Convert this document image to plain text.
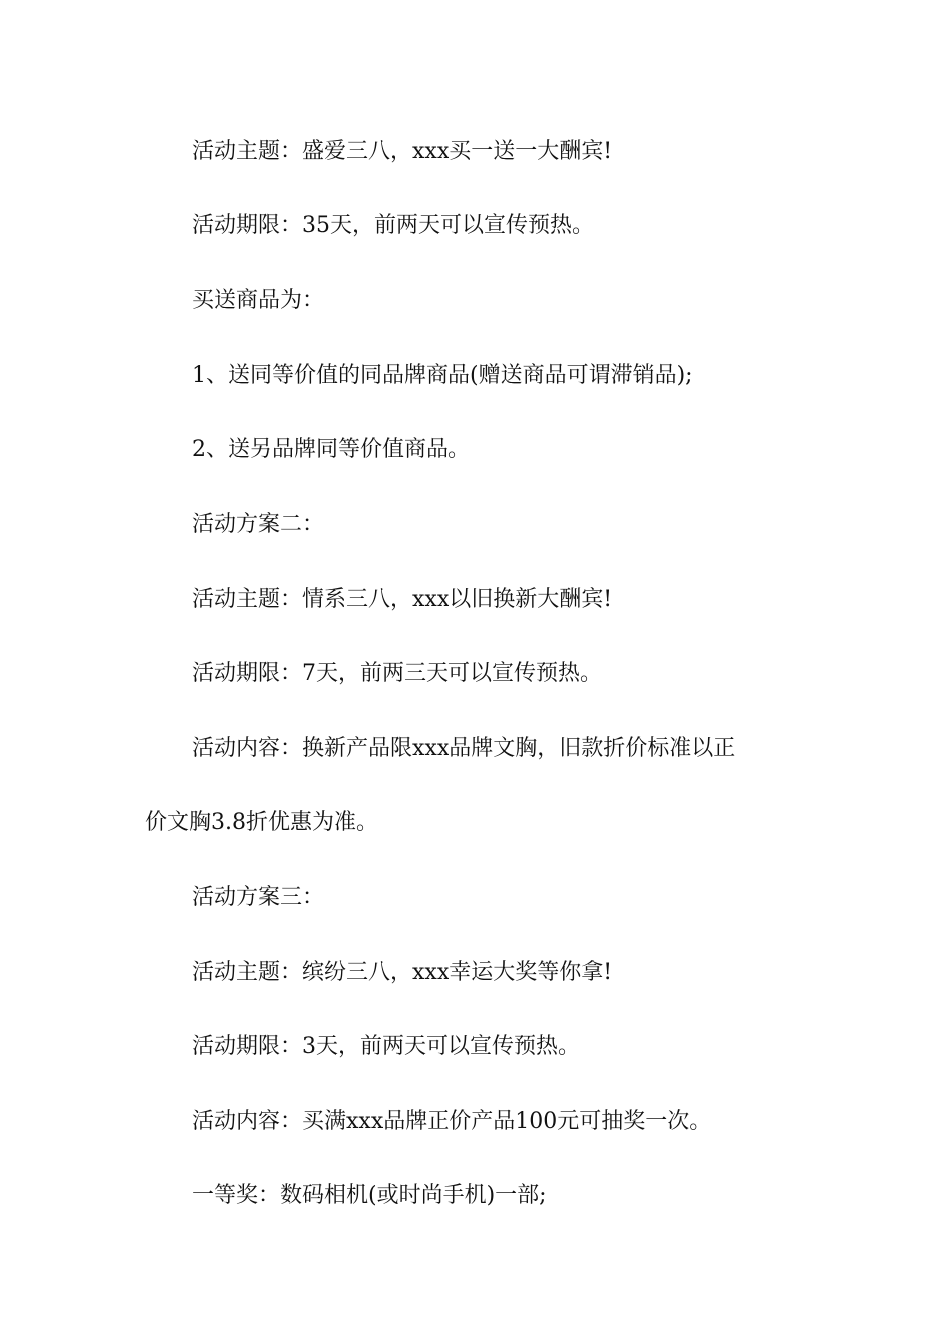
活动主题：盛爱三八，xxx买一送一大酬宾!

活动期限：35天，前两天可以宣传预热。

买送商品为：

1、送同等价值的同品牌商品(赠送商品可谓滞销品);

2、送另品牌同等价值商品。

活动方案二：

活动主题：情系三八，xxx以旧换新大酬宾!

活动期限：7天，前两三天可以宣传预热。

活动内容：换新产品限xxx品牌文胸，旧款折价标准以正

价文胸3.8折优惠为准。

活动方案三：

活动主题：缤纷三八，xxx幸运大奖等你拿!

活动期限：3天，前两天可以宣传预热。

活动内容：买满xxx品牌正价产品100元可抽奖一次。

一等奖：数码相机(或时尚手机)一部;
